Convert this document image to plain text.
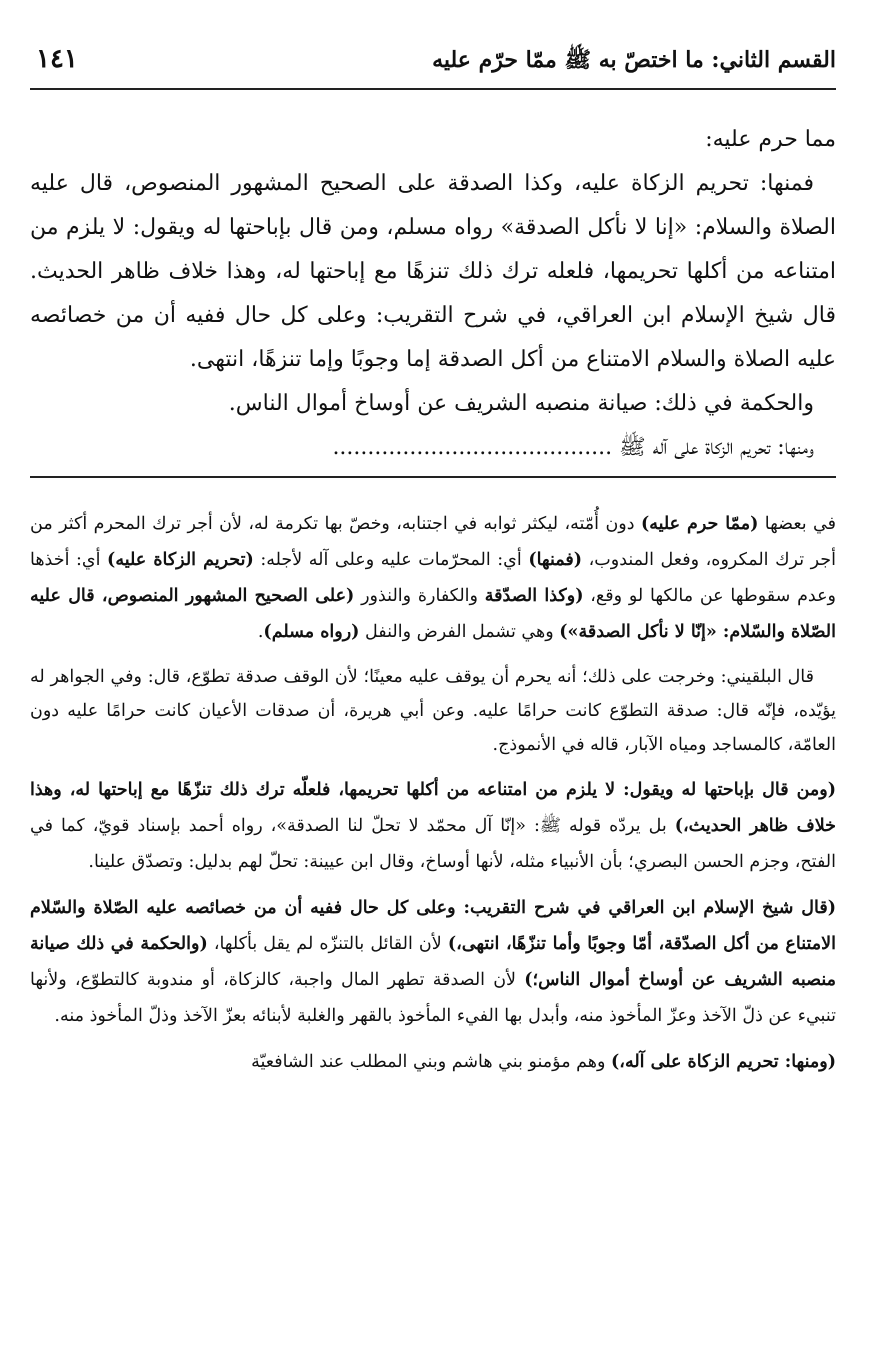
القسم الثاني: ما اختصّ به ﷺ ممّا حرّم عليه
١٤١

مما حرم عليه:

فمنها: تحريم الزكاة عليه، وكذا الصدقة على الصحيح المشهور المنصوص، قال عليه الصلاة والسلام: «إنا لا نأكل الصدقة» رواه مسلم، ومن قال بإباحتها له ويقول: لا يلزم من امتناعه من أكلها تحريمها، فلعله ترك ذلك تنزهًا مع إباحتها له، وهذا خلاف ظاهر الحديث. قال شيخ الإسلام ابن العراقي، في شرح التقريب: وعلى كل حال ففيه أن من خصائصه عليه الصلاة والسلام الامتناع من أكل الصدقة إما وجوبًا وإما تنزهًا، انتهى.

والحكمة في ذلك: صيانة منصبه الشريف عن أوساخ أموال الناس.

ومنها: تحريم الزكاة على آله ﷺ ........................................

في بعضها (ممّا حرم عليه) دون أُمّته، ليكثر ثوابه في اجتنابه، وخصّ بها تكرمة له، لأن أجر ترك المحرم أكثر من أجر ترك المكروه، وفعل المندوب، (فمنها) أي: المحرّمات عليه وعلى آله لأجله: (تحريم الزكاة عليه) أي: أخذها وعدم سقوطها عن مالكها لو وقع، (وكذا الصدّقة والكفارة والنذور (على الصحيح المشهور المنصوص، قال عليه الصّلاة والسّلام: «إنّا لا نأكل الصدقة») وهي تشمل الفرض والنفل (رواه مسلم).

قال البلقيني: وخرجت على ذلك؛ أنه يحرم أن يوقف عليه معينًا؛ لأن الوقف صدقة تطوّع، قال: وفي الجواهر له يؤيّده، فإنّه قال: صدقة التطوّع كانت حرامًا عليه. وعن أبي هريرة، أن صدقات الأعيان كانت حرامًا عليه دون العامّة، كالمساجد ومياه الآبار، قاله في الأنموذج.

(ومن قال بإباحتها له ويقول: لا يلزم من امتناعه من أكلها تحريمها، فلعلّه ترك ذلك تنزّهًا مع إباحتها له، وهذا خلاف ظاهر الحديث،) بل يردّه قوله ﷺ: «إنّا آل محمّد لا تحلّ لنا الصدقة»، رواه أحمد بإسناد قويّ، كما في الفتح، وجزم الحسن البصري؛ بأن الأنبياء مثله، لأنها أوساخ، وقال ابن عيينة: تحلّ لهم بدليل: وتصدّق علينا.

(قال شيخ الإسلام ابن العراقي في شرح التقريب: وعلى كل حال ففيه أن من خصائصه عليه الصّلاة والسّلام الامتناع من أكل الصدّقة، أمّا وجوبًا وأما تنزّهًا، انتهى،) لأن القائل بالتنزّه لم يقل بأكلها، (والحكمة في ذلك صيانة منصبه الشريف عن أوساخ أموال الناس؛) لأن الصدقة تطهر المال واجبة، كالزكاة، أو مندوبة كالتطوّع، ولأنها تنبيء عن ذلّ الآخذ وعزّ المأخوذ منه، وأبدل بها الفيء المأخوذ بالقهر والغلبة لأبنائه بعزّ الآخذ وذلّ المأخوذ منه.

(ومنها: تحريم الزكاة على آله،) وهم مؤمنو بني هاشم وبني المطلب عند الشافعيّة
